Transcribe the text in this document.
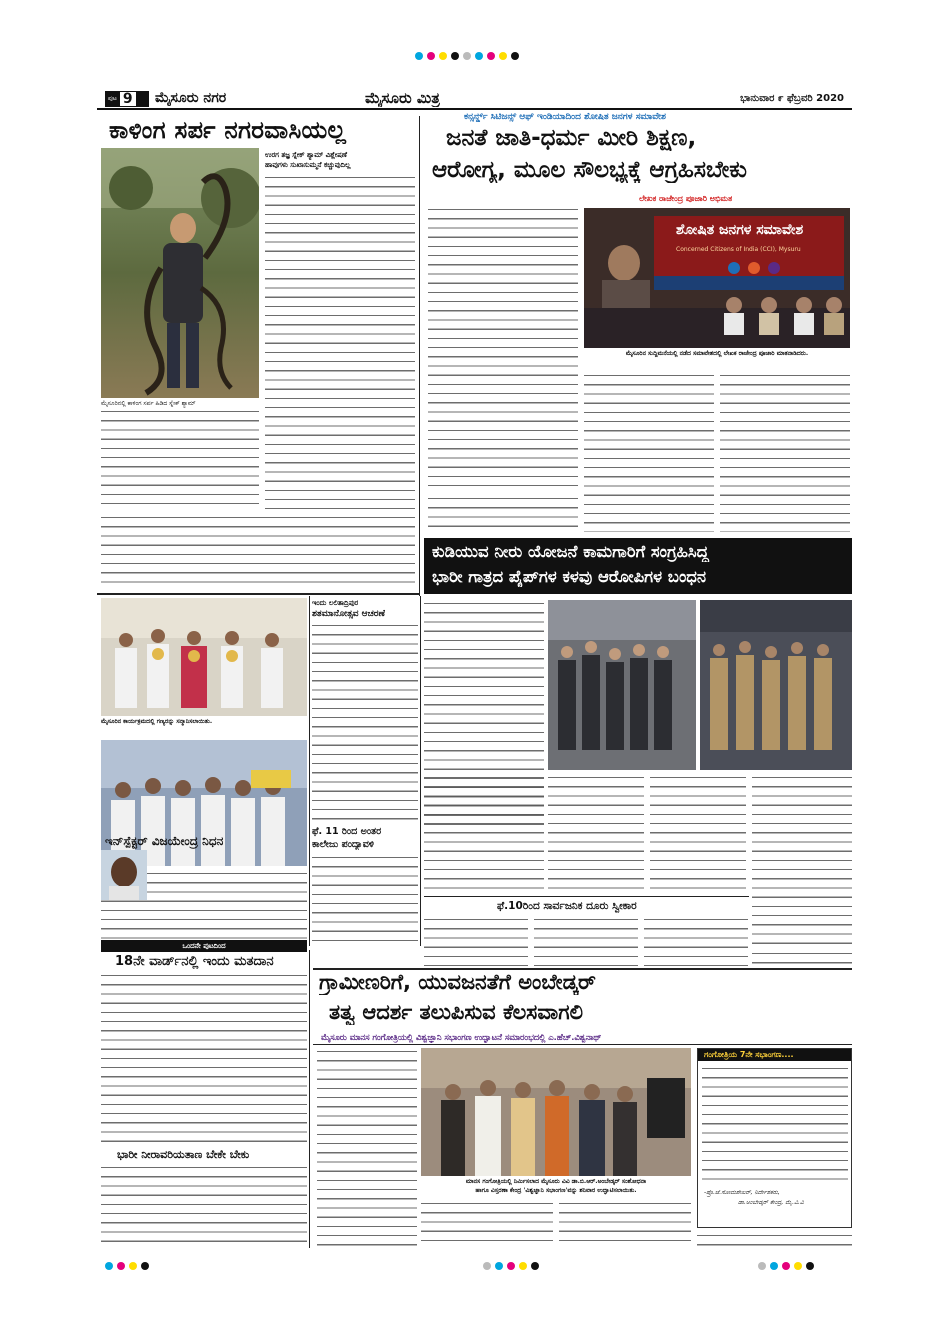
ಪುಟ 9 ಮೈಸೂರು ನಗರ	ಮೈಸೂರು ಮಿತ್ರ	ಭಾನುವಾರ ೯ ಫೆಬ್ರವರಿ 2020
ಕಾಳಿಂಗ ಸರ್ಪ ನಗರವಾಸಿಯಲ್ಲ
ಮೈಸೂರಿನಲ್ಲಿ ಕಾಳಿಂಗ ಸರ್ಪ ಹಿಡಿದ ಸ್ನೇಕ್ ಶ್ಯಾಮ್
ಉರಗ ತಜ್ಞ ಸ್ನೇಕ್ ಶ್ಯಾಮ್ ವಿಶ್ಲೇಷಣೆ
ಹಾವುಗಳು ಸುಖಾಸುಮ್ಮನೆ ಕಚ್ಚುವುದಿಲ್ಲ
ಕನ್ಸರ್ನ್ಡ್ ಸಿಟಿಜನ್ಸ್ ಆಫ್ ಇಂಡಿಯಾದಿಂದ ಶೋಷಿತ ಜನಗಳ ಸಮಾವೇಶ
ಜನತೆ ಜಾತಿ-ಧರ್ಮ ಮೀರಿ ಶಿಕ್ಷಣ,
ಆರೋಗ್ಯ, ಮೂಲ ಸೌಲಭ್ಯಕ್ಕೆ ಆಗ್ರಹಿಸಬೇಕು
ಲೇಖಕ ರಾಜೇಂದ್ರ ಪೂಜಾರಿ ಅಭಿಮತ
ಶೋಷಿತ ಜನಗಳ ಸಮಾವೇಶ
Concerned Citizens of India (CCI), Mysuru
ಮೈಸೂರಿನ ಸುದ್ದಿಮನೆಯಲ್ಲಿ ನಡೆದ ಸಮಾವೇಶದಲ್ಲಿ ಲೇಖಕ ರಾಜೇಂದ್ರ ಪೂಜಾರಿ ಮಾತನಾಡಿದರು.
ಕುಡಿಯುವ ನೀರು ಯೋಜನೆ ಕಾಮಗಾರಿಗೆ ಸಂಗ್ರಹಿಸಿದ್ದ
ಭಾರೀ ಗಾತ್ರದ ಪೈಪ್‌ಗಳ ಕಳವು ಆರೋಪಿಗಳ ಬಂಧನ
ಮೈಸೂರಿನ ಕಾರ್ಯಕ್ರಮದಲ್ಲಿ ಗಣ್ಯರನ್ನು ಸನ್ಮಾನಿಸಲಾಯಿತು.
ಇಂದು ಲಲಿತಾದ್ರಿಪುರ
ಶತಮಾನೋತ್ಸವ ಆಚರಣೆ
ಫೆ. 11 ರಿಂದ ಅಂತರ
ಕಾಲೇಜು ಪಂದ್ಯಾವಳಿ
ಫೆ.10ರಿಂದ ಸಾರ್ವಜನಿಕ ದೂರು ಸ್ವೀಕಾರ
ಇನ್‌ಸ್ಪೆಕ್ಟರ್ ವಿಜಯೇಂದ್ರ ನಿಧನ
ಒಂದನೇ ಪುಟದಿಂದ
18ನೇ ವಾರ್ಡ್‌ನಲ್ಲಿ ಇಂದು ಮತದಾನ
ಭಾರೀ ನೀರಾವರಿಯತಾಣ ಬೇಕೇ ಬೇಕು
ಗ್ರಾಮೀಣರಿಗೆ, ಯುವಜನತೆಗೆ ಅಂಬೇಡ್ಕರ್
ತತ್ವ ಆದರ್ಶ ತಲುಪಿಸುವ ಕೆಲಸವಾಗಲಿ
ಮೈಸೂರು ಮಾನಸ ಗಂಗೋತ್ರಿಯಲ್ಲಿ ವಿಶ್ವಜ್ಞಾನಿ ಸಭಾಂಗಣ ಉದ್ಘಾಟನೆ ಸಮಾರಂಭದಲ್ಲಿ ಎ.ಹೆಚ್.ವಿಶ್ವನಾಥ್
ಮಾನಸ ಗಂಗೋತ್ರಿಯಲ್ಲಿ ನಿರ್ಮಿಸಲಾದ ಮೈಸೂರು ವಿವಿ ಡಾ.ಬಿ.ಆರ್.ಅಂಬೇಡ್ಕರ್ ಸಂಶೋಧನಾ
ಹಾಗೂ ವಿಸ್ತರಣಾ ಕೇಂದ್ರ 'ವಿಶ್ವಜ್ಞಾನಿ ಸಭಾಂಗಣ'ವನ್ನು ಶನಿವಾರ ಉದ್ಘಾಟಿಸಲಾಯಿತು.
ಗಂಗೋತ್ರಿಯ 7ನೇ ಸಭಾಂಗಣ....
-ಪ್ರೊ.ಜೆ.ಸೋಮಶೇಖರ್, ನಿರ್ದೇಶಕರು,
ಡಾ.ಅಂಬೇಡ್ಕರ್ ಕೇಂದ್ರ, ಮೈ.ವಿ.ವಿ
